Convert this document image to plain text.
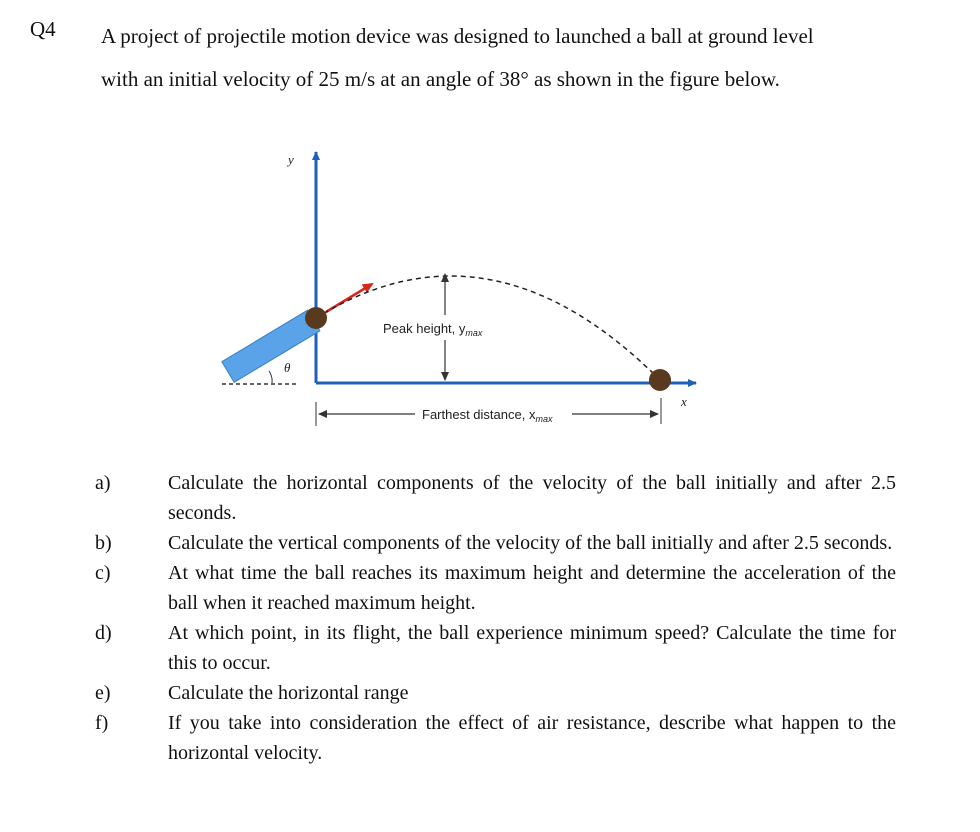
Q4 A project of projectile motion device was designed to launched a ball at ground level
with an initial velocity of 25 m/s at an angle of 38° as shown in the figure below.
θ
Peak height, $y_{max}$
Farthest distance, $x_{max}$
y
x
a)	Calculate the horizontal components of the velocity of the ball initially and after 2.5 seconds.
b)	Calculate the vertical components of the velocity of the ball initially and after 2.5 seconds.
c)	At what time the ball reaches its maximum height and determine the acceleration of the ball when it reached maximum height.
d)	At which point, in its flight, the ball experience minimum speed? Calculate the time for this to occur.
e)	Calculate the horizontal range
f)	If you take into consideration the effect of air resistance, describe what happen to the horizontal velocity.
